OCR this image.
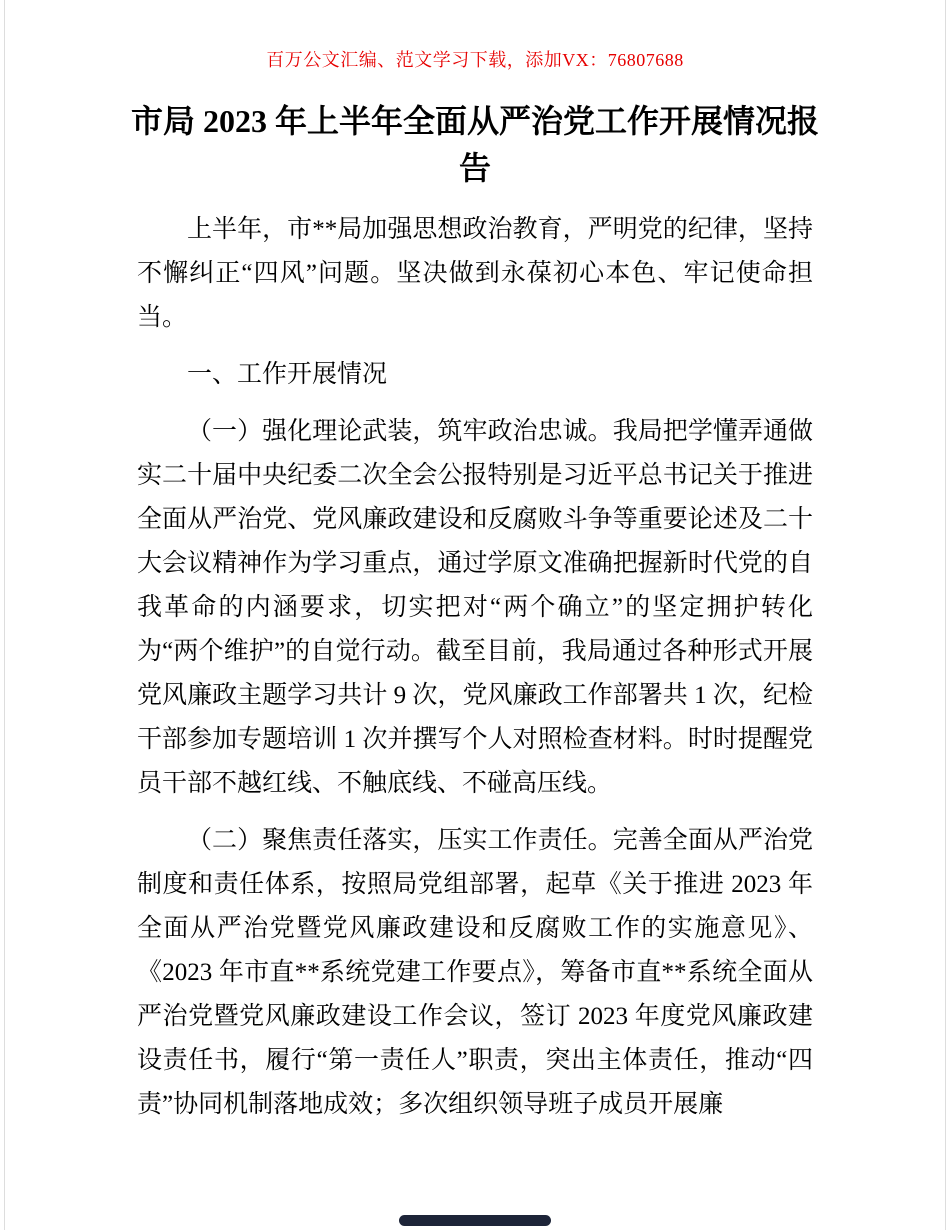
百万公文汇编、范文学习下载，添加VX：76807688
市局 2023 年上半年全面从严治党工作开展情况报告

上半年，市**局加强思想政治教育，严明党的纪律，坚持不懈纠正“四风”问题。坚决做到永葆初心本色、牢记使命担当。

一、工作开展情况

（一）强化理论武装，筑牢政治忠诚。我局把学懂弄通做实二十届中央纪委二次全会公报特别是习近平总书记关于推进全面从严治党、党风廉政建设和反腐败斗争等重要论述及二十大会议精神作为学习重点，通过学原文准确把握新时代党的自我革命的内涵要求，切实把对“两个确立”的坚定拥护转化为“两个维护”的自觉行动。截至目前，我局通过各种形式开展党风廉政主题学习共计 9 次，党风廉政工作部署共 1 次，纪检干部参加专题培训 1 次并撰写个人对照检查材料。时时提醒党员干部不越红线、不触底线、不碰高压线。

（二）聚焦责任落实，压实工作责任。完善全面从严治党制度和责任体系，按照局党组部署，起草《关于推进 2023 年全面从严治党暨党风廉政建设和反腐败工作的实施意见》、《2023 年市直**系统党建工作要点》，筹备市直**系统全面从严治党暨党风廉政建设工作会议，签订 2023 年度党风廉政建设责任书，履行“第一责任人”职责，突出主体责任，推动“四责”协同机制落地成效；多次组织领导班子成员开展廉
